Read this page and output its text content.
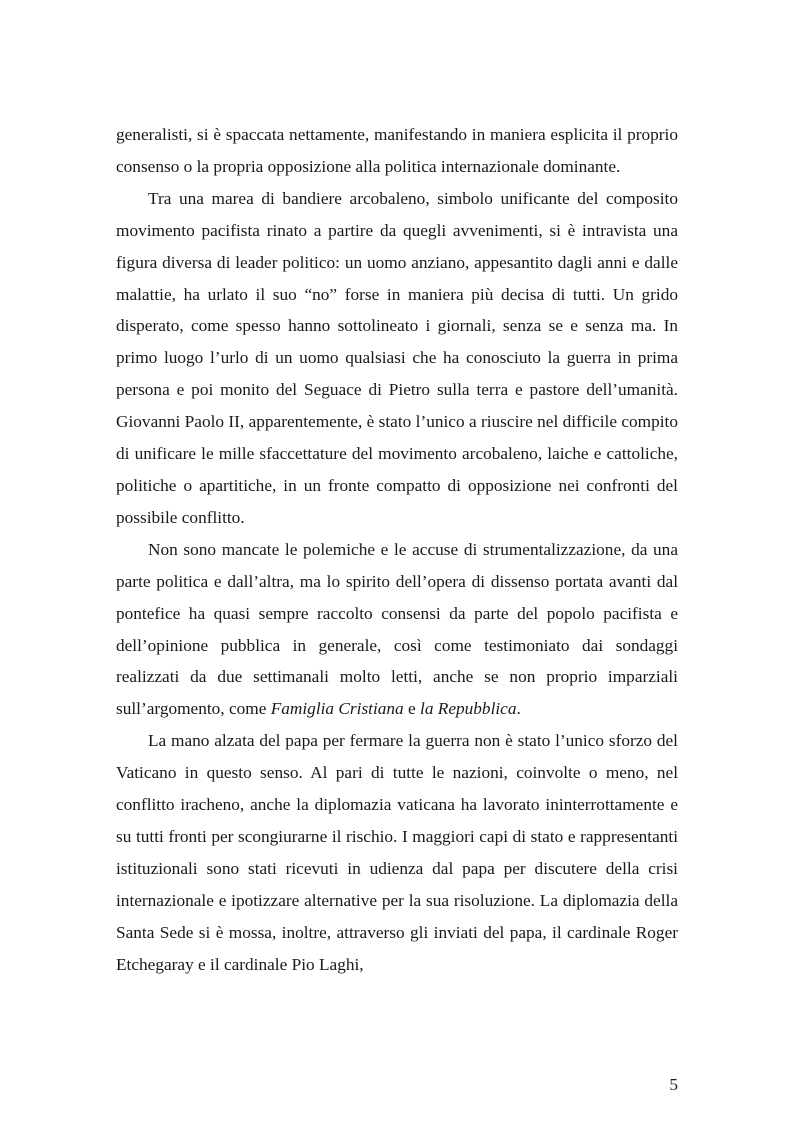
generalisti, si è spaccata nettamente, manifestando in maniera esplicita il proprio consenso o la propria opposizione alla politica internazionale dominante.

Tra una marea di bandiere arcobaleno, simbolo unificante del composito movimento pacifista rinato a partire da quegli avvenimenti, si è intravista una figura diversa di leader politico: un uomo anziano, appesantito dagli anni e dalle malattie, ha urlato il suo “no” forse in maniera più decisa di tutti. Un grido disperato, come spesso hanno sottolineato i giornali, senza se e senza ma. In primo luogo l’urlo di un uomo qualsiasi che ha conosciuto la guerra in prima persona e poi monito del Seguace di Pietro sulla terra e pastore dell’umanità. Giovanni Paolo II, apparentemente, è stato l’unico a riuscire nel difficile compito di unificare le mille sfaccettature del movimento arcobaleno, laiche e cattoliche, politiche o apartitiche, in un fronte compatto di opposizione nei confronti del possibile conflitto.

Non sono mancate le polemiche e le accuse di strumentalizzazione, da una parte politica e dall’altra, ma lo spirito dell’opera di dissenso portata avanti dal pontefice ha quasi sempre raccolto consensi da parte del popolo pacifista e dell’opinione pubblica in generale, così come testimoniato dai sondaggi realizzati da due settimanali molto letti, anche se non proprio imparziali sull’argomento, come Famiglia Cristiana e la Repubblica.

La mano alzata del papa per fermare la guerra non è stato l’unico sforzo del Vaticano in questo senso. Al pari di tutte le nazioni, coinvolte o meno, nel conflitto iracheno, anche la diplomazia vaticana ha lavorato ininterrottamente e su tutti fronti per scongiurarne il rischio. I maggiori capi di stato e rappresentanti istituzionali sono stati ricevuti in udienza dal papa per discutere della crisi internazionale e ipotizzare alternative per la sua risoluzione. La diplomazia della Santa Sede si è mossa, inoltre, attraverso gli inviati del papa, il cardinale Roger Etchegaray e il cardinale Pio Laghi,

5
